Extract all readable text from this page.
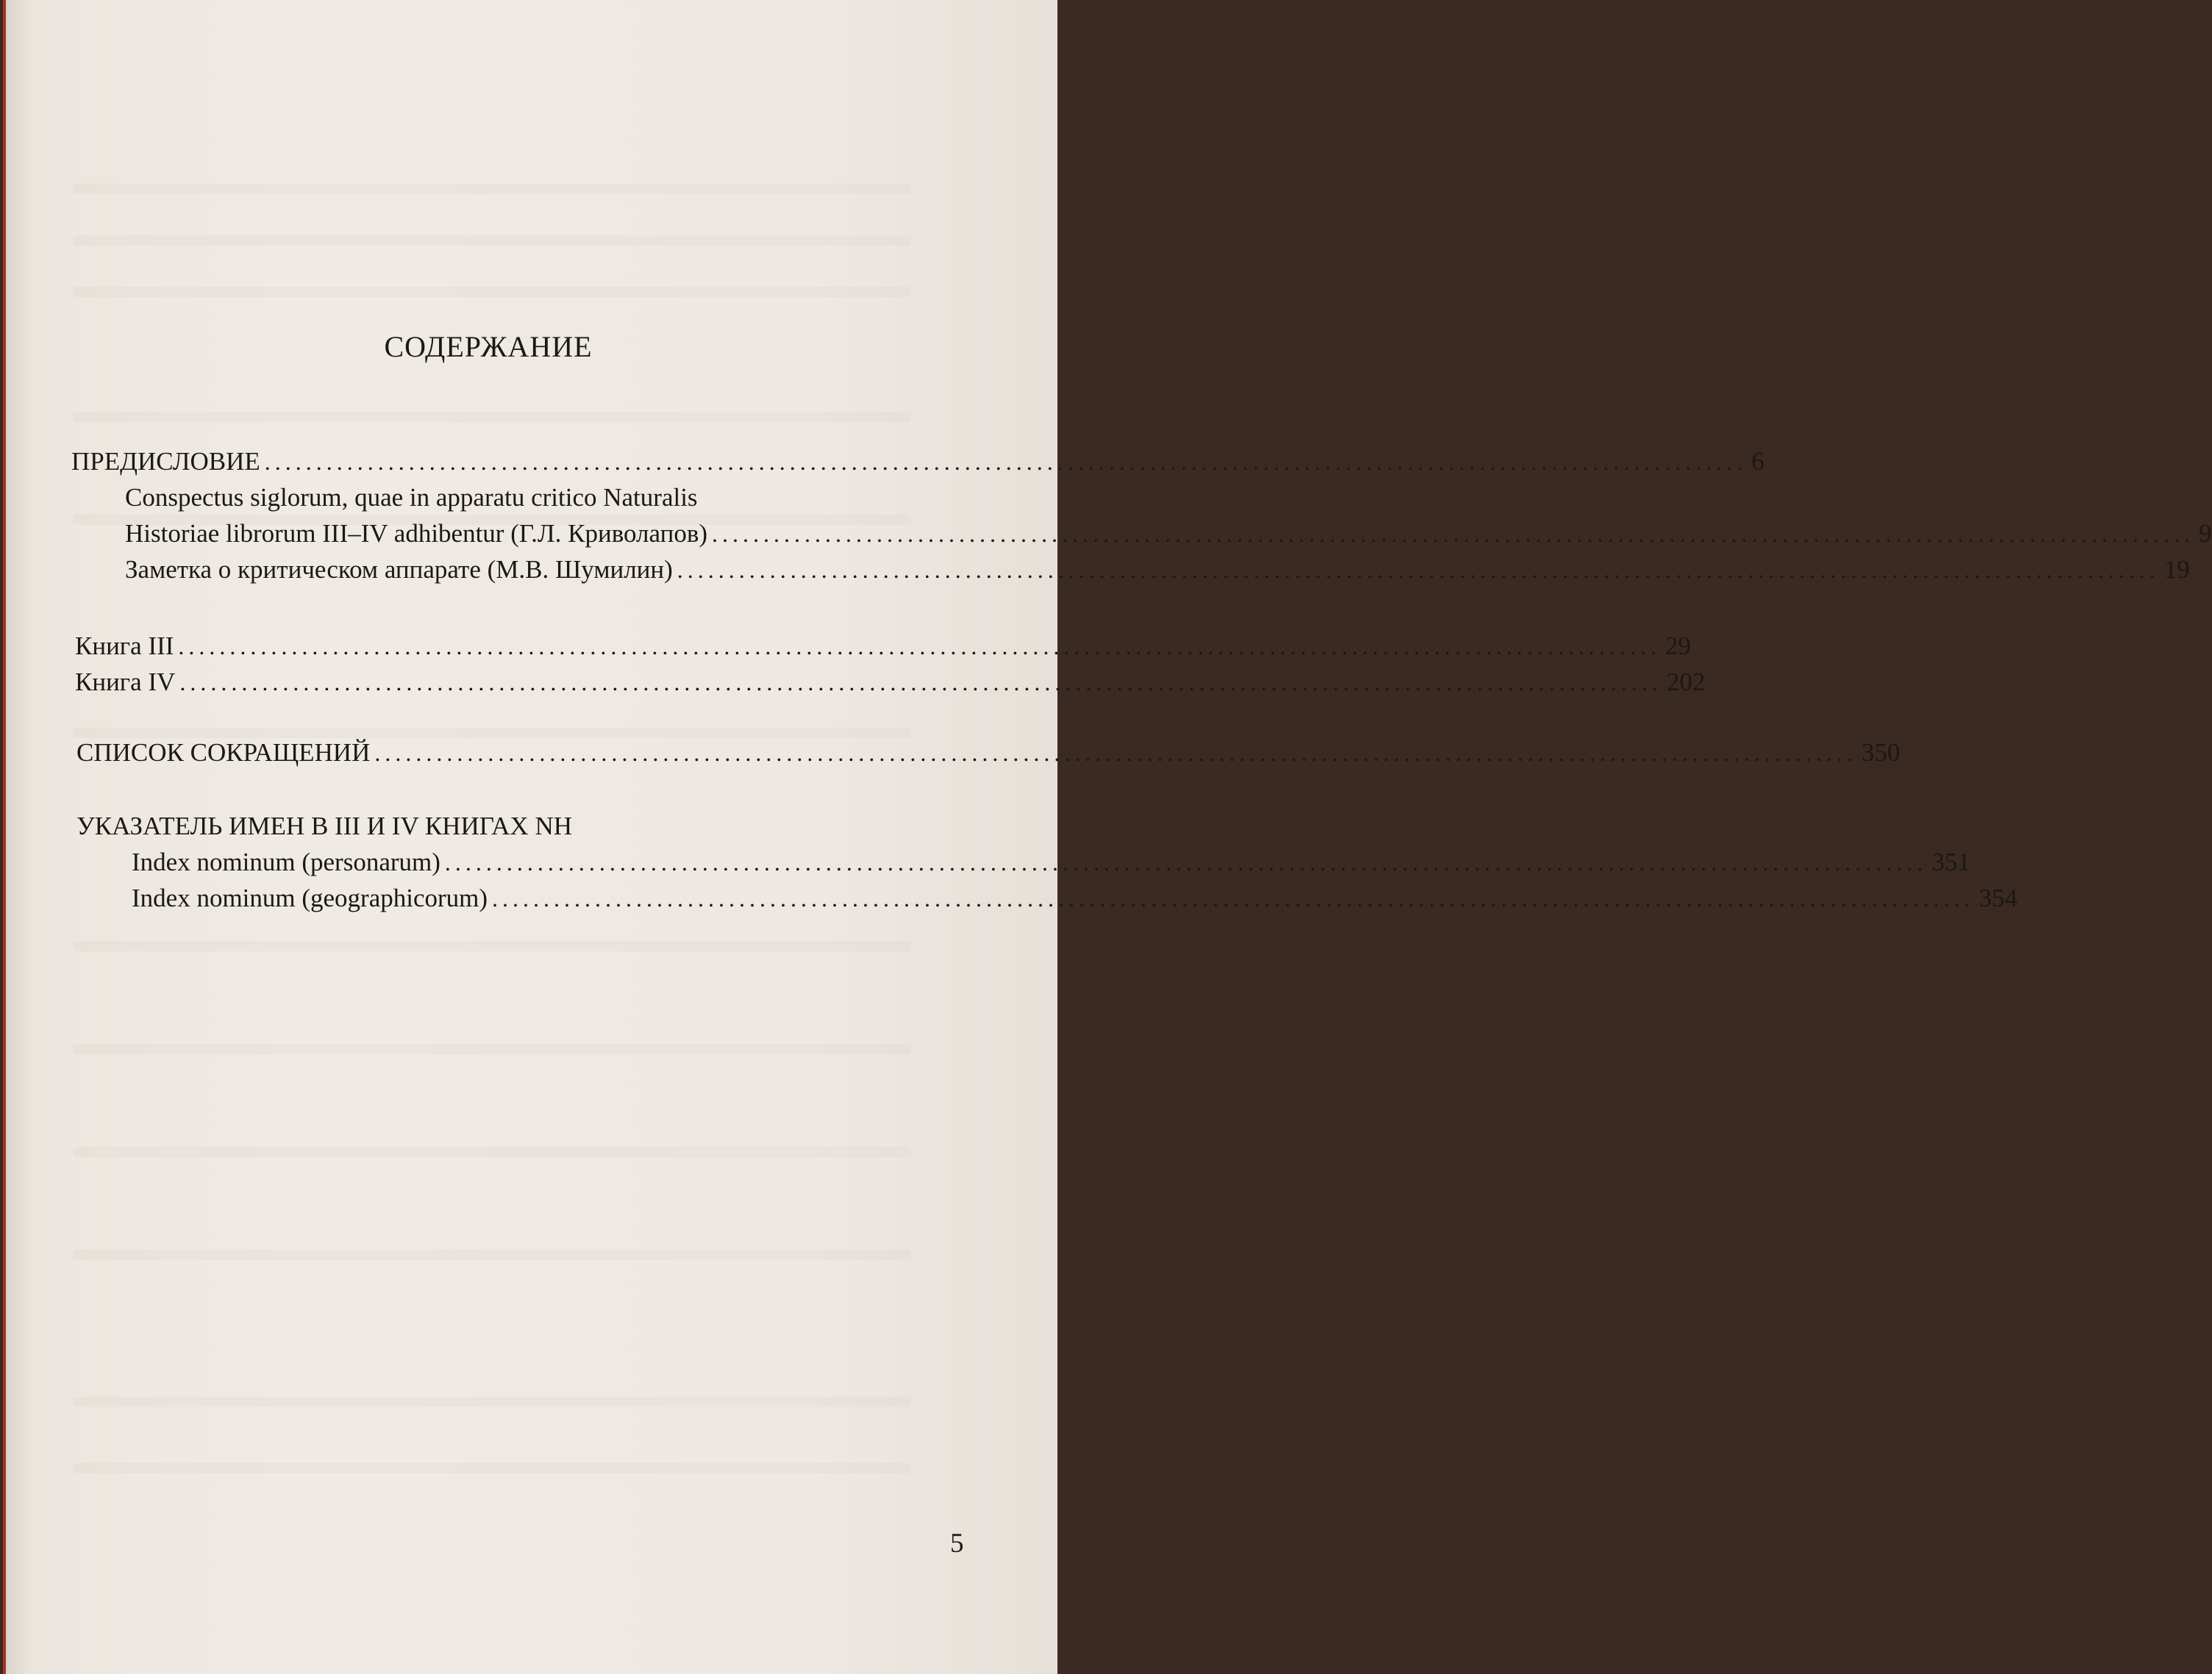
СОДЕРЖАНИЕ
ПРЕДИСЛОВИЕ ................................................................................................................................................ 6
Conspectus siglorum, quae in apparatu critico Naturalis
Historiae librorum III–IV adhibentur (Г.Л. Криволапов) ................................................................................................................................................ 9
Заметка о критическом аппарате (М.В. Шумилин) ................................................................................................................................................ 19
Книга III ................................................................................................................................................ 29
Книга IV ................................................................................................................................................ 202
СПИСОК СОКРАЩЕНИЙ ................................................................................................................................................ 350
УКАЗАТЕЛЬ ИМЕН В III И IV КНИГАХ NH
Index nominum (personarum) ................................................................................................................................................ 351
Index nominum (geographicorum) ................................................................................................................................................ 354
5
